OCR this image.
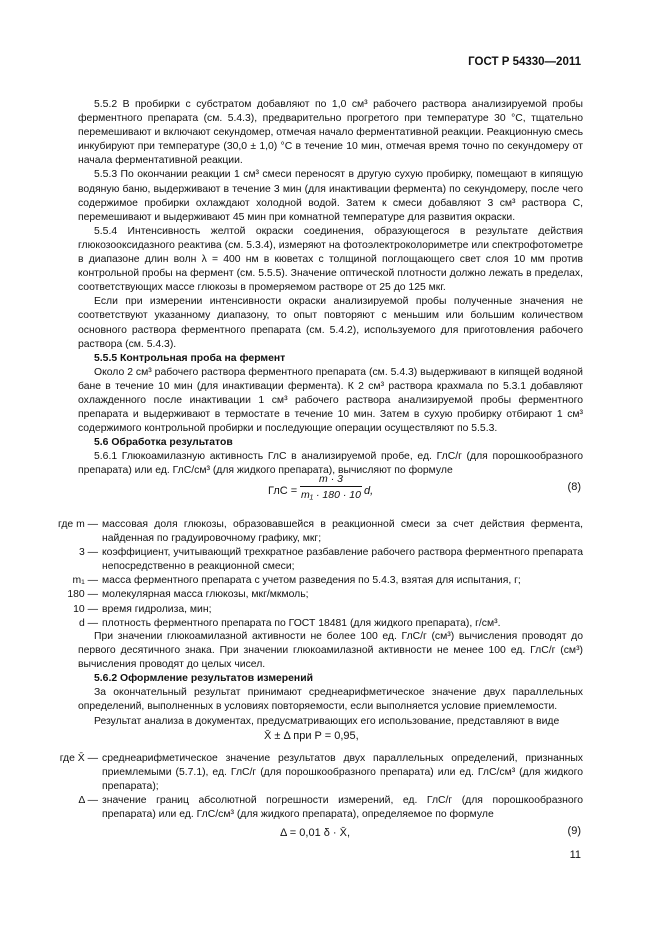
ГОСТ Р 54330—2011

5.5.2 В пробирки с субстратом добавляют по 1,0 см³ рабочего раствора анализируемой пробы ферментного препарата (см. 5.4.3), предварительно прогретого при температуре 30 °С, тщательно перемешивают и включают секундомер, отмечая начало ферментативной реакции. Реакционную смесь инкубируют при температуре (30,0 ± 1,0) °С в течение 10 мин, отмечая время точно по секундомеру от начала ферментативной реакции.

5.5.3 По окончании реакции 1 см³ смеси переносят в другую сухую пробирку, помещают в кипящую водяную баню, выдерживают в течение 3 мин (для инактивации фермента) по секундомеру, после чего содержимое пробирки охлаждают холодной водой. Затем к смеси добавляют 3 см³ раствора С, перемешивают и выдерживают 45 мин при комнатной температуре для развития окраски.

5.5.4 Интенсивность желтой окраски соединения, образующегося в результате действия глюкозооксидазного реактива (см. 5.3.4), измеряют на фотоэлектроколориметре или спектрофотометре в диапазоне длин волн λ = 400 нм в кюветах с толщиной поглощающего свет слоя 10 мм против контрольной пробы на фермент (см. 5.5.5). Значение оптической плотности должно лежать в пределах, соответствующих массе глюкозы в промеряемом растворе от 25 до 125 мкг.

Если при измерении интенсивности окраски анализируемой пробы полученные значения не соответствуют указанному диапазону, то опыт повторяют с меньшим или большим количеством основного раствора ферментного препарата (см. 5.4.2), используемого для приготовления рабочего раствора (см. 5.4.3).

5.5.5 Контрольная проба на фермент

Около 2 см³ рабочего раствора ферментного препарата (см. 5.4.3) выдерживают в кипящей водяной бане в течение 10 мин (для инактивации фермента). К 2 см³ раствора крахмала по 5.3.1 добавляют охлажденного после инактивации 1 см³ рабочего раствора анализируемой пробы ферментного препарата и выдерживают в термостате в течение 10 мин. Затем в сухую пробирку отбирают 1 см³ содержимого контрольной пробирки и последующие операции осуществляют по 5.5.3.

5.6 Обработка результатов

5.6.1 Глюкоамилазную активность ГлС в анализируемой пробе, ед. ГлС/г (для порошкообразного препарата) или ед. ГлС/см³ (для жидкого препарата), вычисляют по формуле

ГлС = $\frac{m \cdot 3}{\text{m₁ · 180 · 10}} d$,	(8)
где m — массовая доля глюкозы, образовавшейся в реакционной смеси за счет действия фермента, найденная по градуировочному графику, мкг;
3 — коэффициент, учитывающий трехкратное разбавление рабочего раствора ферментного препарата непосредственно в реакционной смеси;
m₁ — масса ферментного препарата с учетом разведения по 5.4.3, взятая для испытания, г;
180 — молекулярная масса глюкозы, мкг/мкмоль;
10 — время гидролиза, мин;
d — плотность ферментного препарата по ГОСТ 18481 (для жидкого препарата), г/см³.

При значении глюкоамилазной активности не более 100 ед. ГлС/г (см³) вычисления проводят до первого десятичного знака. При значении глюкоамилазной активности не менее 100 ед. ГлС/г (см³) вычисления проводят до целых чисел.

5.6.2 Оформление результатов измерений

За окончательный результат принимают среднеарифметическое значение двух параллельных определений, выполненных в условиях повторяемости, если выполняется условие приемлемости.

Результат анализа в документах, предусматривающих его использование, представляют в виде

X̄ ± Δ при P = 0,95,
где X̄ — среднеарифметическое значение результатов двух параллельных определений, признанных приемлемыми (5.7.1), ед. ГлС/г (для порошкообразного препарата) или ед. ГлС/см³ (для жидкого препарата);
Δ — значение границ абсолютной погрешности измерений, ед. ГлС/г (для порошкообразного препарата) или ед. ГлС/см³ (для жидкого препарата), определяемое по формуле
Δ = 0,01 δ · X̄,	(9)
11
